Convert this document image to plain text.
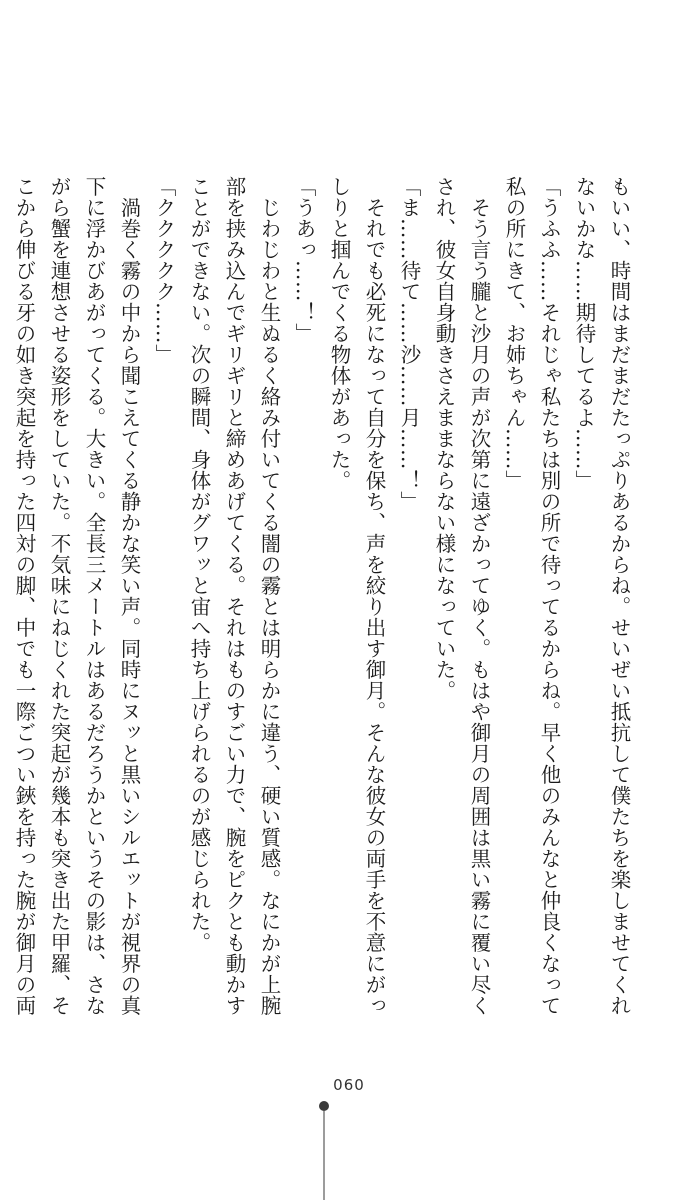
もいい、時間はまだまだたっぷりあるからね。せいぜい抵抗して僕たちを楽しませてくれ

ないかな……期待してるよ……」

「うふふ……それじゃ私たちは別の所で待ってるからね。早く他のみんなと仲良くなって

私の所にきて、お姉ちゃん……」

　そう言う朧と沙月の声が次第に遠ざかってゆく。もはや御月の周囲は黒い霧に覆い尽く

され、彼女自身動きさえままならない様になっていた。

「ま……待て……沙……月……！」

　それでも必死になって自分を保ち、声を絞り出す御月。そんな彼女の両手を不意にがっ

しりと掴んでくる物体があった。

「うあっ……！」

　じわじわと生ぬるく絡み付いてくる闇の霧とは明らかに違う、硬い質感。なにかが上腕

部を挟み込んでギリギリと締めあげてくる。それはものすごい力で、腕をピクとも動かす

ことができない。次の瞬間、身体がグワッと宙へ持ち上げられるのが感じられた。

「ククククク……」

　渦巻く霧の中から聞こえてくる静かな笑い声。同時にヌッと黒いシルエットが視界の真

下に浮かびあがってくる。大きい。全長三メートルはあるだろうかというその影は、さな

がら蟹を連想させる姿形をしていた。不気味にねじくれた突起が幾本も突き出た甲羅、そ

こから伸びる牙の如き突起を持った四対の脚、中でも一際ごつい鋏を持った腕が御月の両

060
